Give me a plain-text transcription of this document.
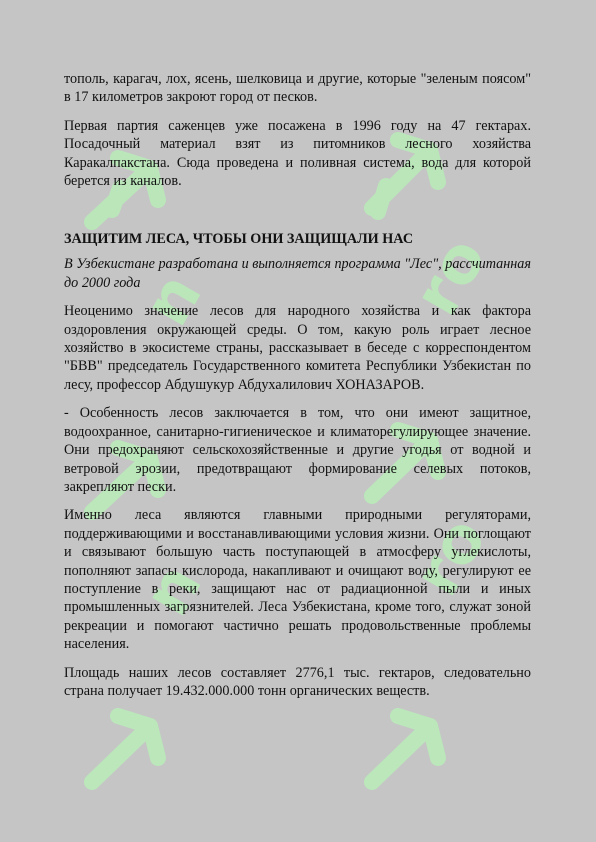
ro
ro
n
n

тополь, карагач, лох, ясень, шелковица и другие, которые "зеленым поясом" в 17 километров закроют город от песков.

Первая партия саженцев уже посажена в 1996 году на 47 гектарах. Посадочный материал взят из питомников лесного хозяйства Каракалпакстана. Сюда проведена и поливная система, вода для которой берется из каналов.

ЗАЩИТИМ ЛЕСА, ЧТОБЫ ОНИ ЗАЩИЩАЛИ НАС

В Узбекистане разработана и выполняется программа "Лес", рассчитанная до 2000 года

Неоценимо значение лесов для народного хозяйства и как фактора оздоровления окружающей среды. О том, какую роль играет лесное хозяйство в экосистеме страны, рассказывает в беседе с корреспондентом "БВВ" председатель Государственного комитета Республики Узбекистан по лесу, профессор Абдушукур Абдухалилович ХОНАЗАРОВ.

- Особенность лесов заключается в том, что они имеют защитное, водоохранное, санитарно-гигиеническое и климаторегулирующее значение. Они предохраняют сельскохозяйственные и другие угодья от водной и ветровой эрозии, предотвращают формирование селевых потоков, закрепляют пески.

Именно леса являются главными природными регуляторами, поддерживающими и восстанавливающими условия жизни. Они поглощают и связывают большую часть поступающей в атмосферу углекислоты, пополняют запасы кислорода, накапливают и очищают воду, регулируют ее поступление в реки, защищают нас от радиационной пыли и иных промышленных загрязнителей. Леса Узбекистана, кроме того, служат зоной рекреации и помогают частично решать продовольственные проблемы населения.

Площадь наших лесов составляет 2776,1 тыс. гектаров, следовательно страна получает 19.432.000.000 тонн органических веществ.
